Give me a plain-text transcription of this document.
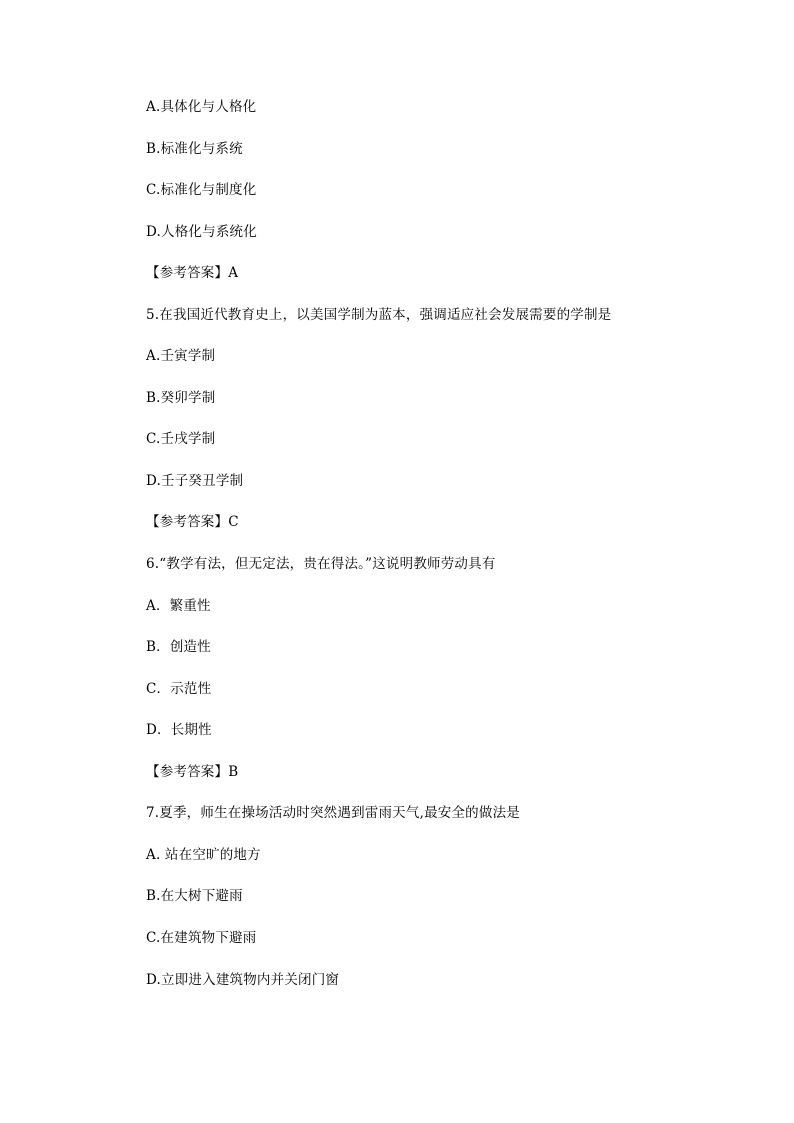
A.具体化与人格化
B.标准化与系统
C.标准化与制度化
D.人格化与系统化
【参考答案】A
5.在我国近代教育史上，以美国学制为蓝本，强调适应社会发展需要的学制是
A.壬寅学制
B.癸卯学制
C.壬戌学制
D.壬子癸丑学制
【参考答案】C
6.“教学有法，但无定法，贵在得法。”这说明教师劳动具有
A．繁重性
B．创造性
C．示范性
D．长期性
【参考答案】B
7.夏季，师生在操场活动时突然遇到雷雨天气,最安全的做法是
A. 站在空旷的地方
B.在大树下避雨
C.在建筑物下避雨
D.立即进入建筑物内并关闭门窗
